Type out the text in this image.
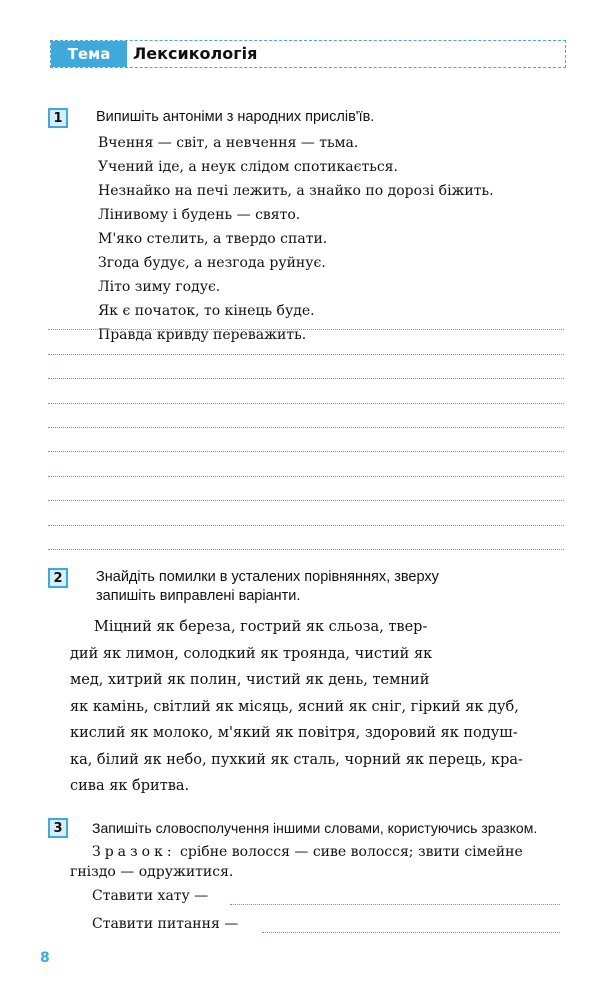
Тема	Лексикологія
1	Випишіть антоніми з народних прислів'їв.
Вчення — світ, а невчення — тьма.
Учений іде, а неук слідом спотикається.
Незнайко на печі лежить, а знайко по дорозі біжить.
Лінивому і будень — свято.
М'яко стелить, а твердо спати.
Згода будує, а незгода руйнує.
Літо зиму годує.
Як є початок, то кінець буде.
Правда кривду переважить.
2	Знайдіть помилки в усталених порівняннях, зверху
запишіть виправлені варіанти.
Міцний як береза, гострий як сльоза, твер-
дий як лимон, солодкий як троянда, чистий як
мед, хитрий як полин, чистий як день, темний
як камінь, світлий як місяць, ясний як сніг, гіркий як дуб,
кислий як молоко, м'який як повітря, здоровий як подуш-
ка, білий як небо, пухкий як сталь, чорний як перець, кра-
сива як бритва.
3	Запишіть словосполучення іншими словами, користуючись зразком.
Зразок: срібне волосся — сиве волосся; звити сімейне
гніздо — одружитися.
Ставити хату —
Ставити питання —
8
